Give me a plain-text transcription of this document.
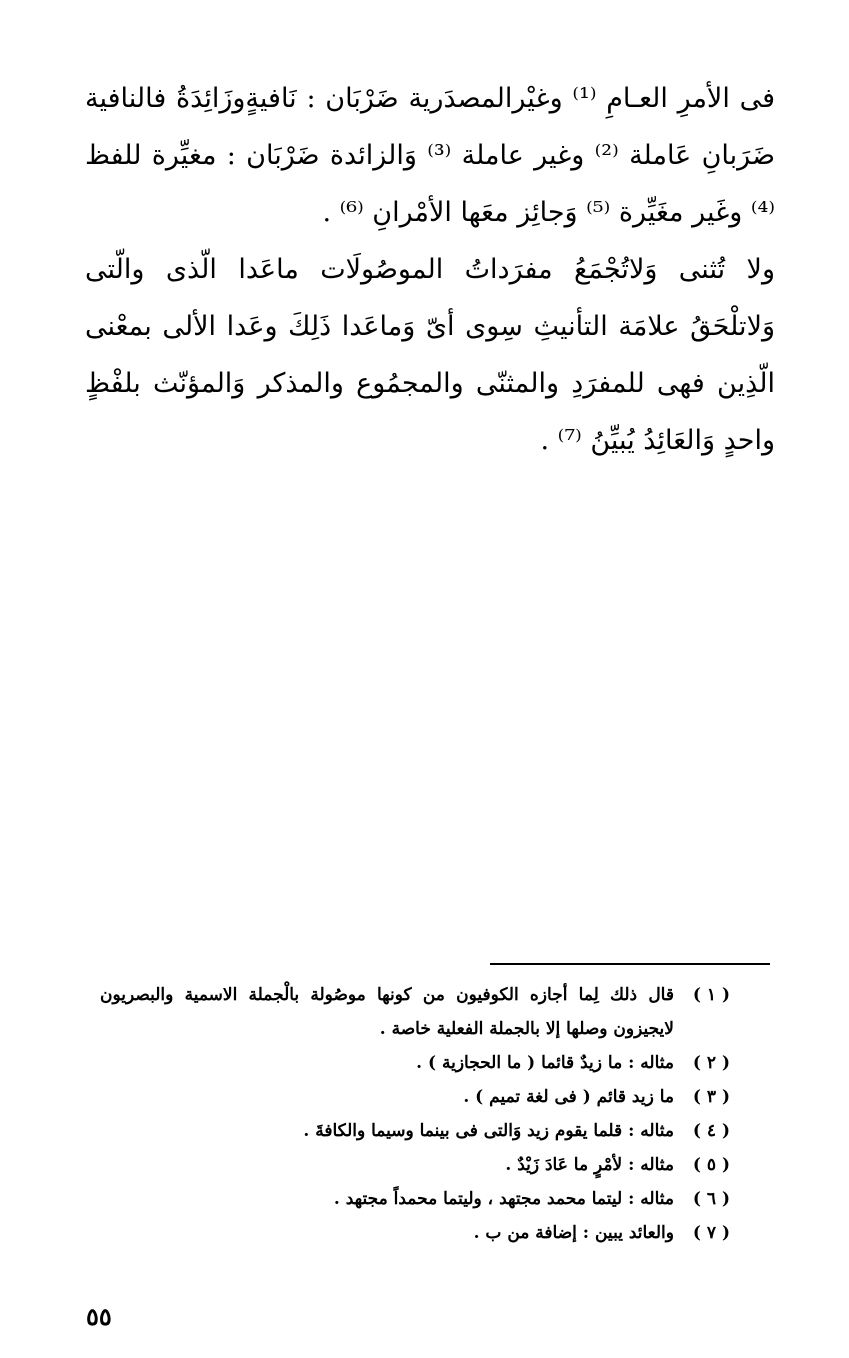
فى الأمرِ العـامِ ⁽¹⁾ وغيْرالمصدَرية ضَرْبَان : نَافيةٍوزَائِدَةُ فالنافية ضَرَبانِ عَاملة ⁽²⁾ وغير عاملة ⁽³⁾ وَالزائدة ضَرْبَان : مغيِّرة للفظ ⁽⁴⁾ وغَير مغَيِّرة ⁽⁵⁾ وَجائِز معَها الأمْرانِ ⁽⁶⁾ .

ولا تُثنى وَلاتُجْمَعُ مفرَداتُ الموصُولَات ماعَدا الّذى والّتى وَلاتلْحَقُ علامَة التأنيثِ سِوى أىّ وَماعَدا ذَلِكَ وعَدا الألى بمعْنى الّذِين فهى للمفرَدِ والمثنّى والمجمُوع والمذكر وَالمؤنّث بلفْظٍ واحدٍ وَالعَائِدُ يُبيِّنُ ⁽⁷⁾ .

( ١ )
قال ذلك لِما أجازه الكوفيون من كونها موصُولة بالْجملة الاسمية والبصريون لايجيزون وصلها إلا بالجملة الفعلية خاصة .
( ٢ )
مثاله : ما زيدٌ قائما ( ما الحجازية ) .
( ٣ )
ما زيد قائم ( فى لغة تميم ) .
( ٤ )
مثاله : قلما يقوم زيد وَالتى فى بينما وسيما والكافةَ .
( ٥ )
مثاله : لأمْرٍ ما عَادَ زَيْدٌ .
( ٦ )
مثاله : ليتما محمد مجتهد ، وليتما محمداً مجتهد .
( ٧ )
والعائد يبين : إضافة من ب .
٥٥
